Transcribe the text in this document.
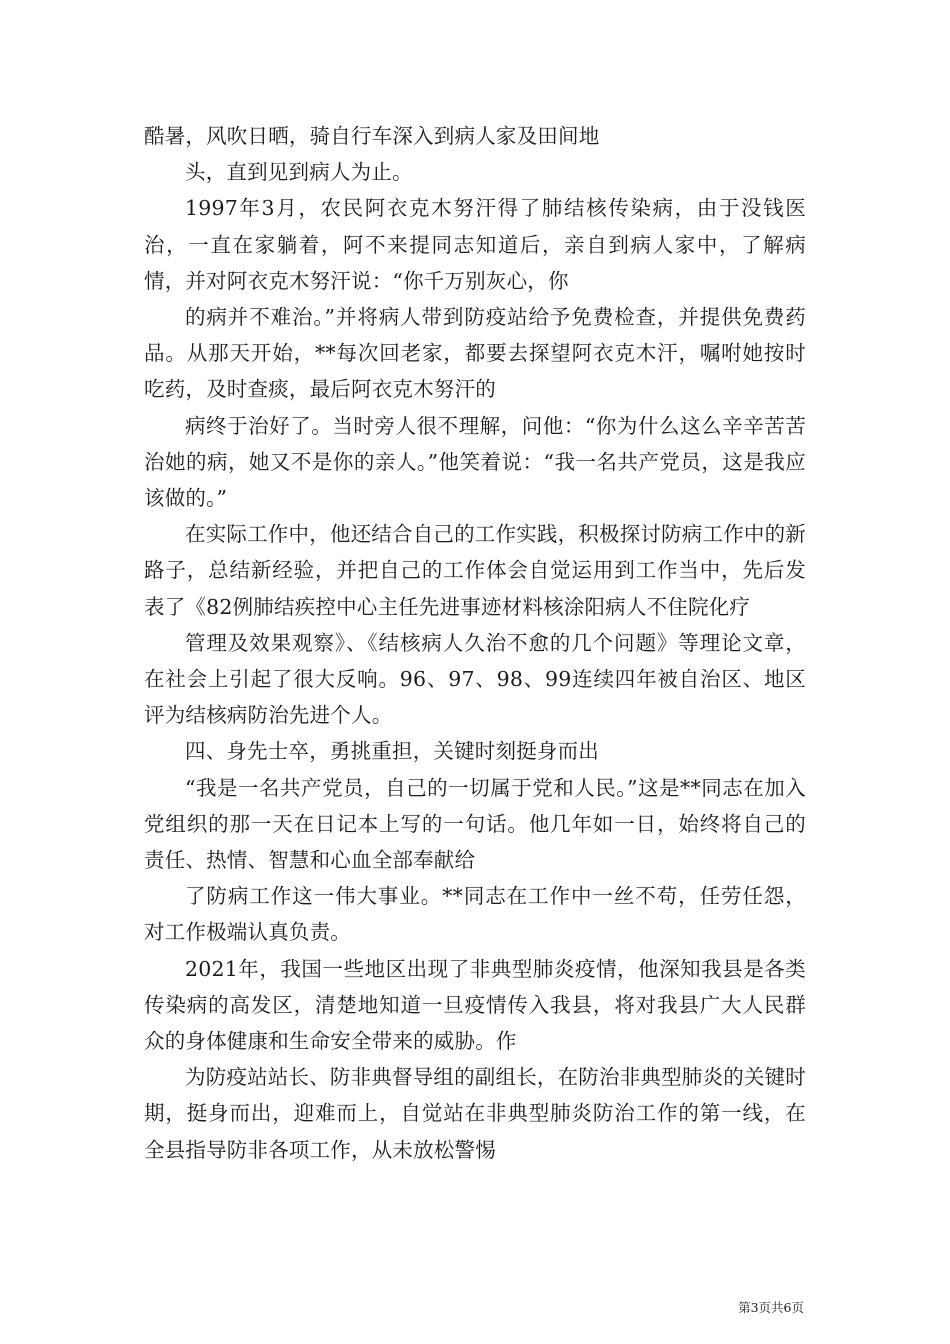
酷暑，风吹日晒，骑自行车深入到病人家及田间地

头，直到见到病人为止。

1997年3月，农民阿衣克木努汗得了肺结核传染病，由于没钱医治，一直在家躺着，阿不来提同志知道后，亲自到病人家中，了解病情，并对阿衣克木努汗说：“你千万别灰心，你

的病并不难治。”并将病人带到防疫站给予免费检查，并提供免费药品。从那天开始，**每次回老家，都要去探望阿衣克木汗，嘱咐她按时吃药，及时查痰，最后阿衣克木努汗的

病终于治好了。当时旁人很不理解，问他：“你为什么这么辛辛苦苦治她的病，她又不是你的亲人。”他笑着说：“我一名共产党员，这是我应该做的。”

在实际工作中，他还结合自己的工作实践，积极探讨防病工作中的新路子，总结新经验，并把自己的工作体会自觉运用到工作当中，先后发表了《82例肺结疾控中心主任先进事迹材料核涂阳病人不住院化疗

管理及效果观察》、《结核病人久治不愈的几个问题》等理论文章，在社会上引起了很大反响。96、97、98、99连续四年被自治区、地区评为结核病防治先进个人。

四、身先士卒，勇挑重担，关键时刻挺身而出

“我是一名共产党员，自己的一切属于党和人民。”这是**同志在加入党组织的那一天在日记本上写的一句话。他几年如一日，始终将自己的责任、热情、智慧和心血全部奉献给

了防病工作这一伟大事业。**同志在工作中一丝不苟，任劳任怨，对工作极端认真负责。

2021年，我国一些地区出现了非典型肺炎疫情，他深知我县是各类传染病的高发区，清楚地知道一旦疫情传入我县，将对我县广大人民群众的身体健康和生命安全带来的威胁。作

为防疫站站长、防非典督导组的副组长，在防治非典型肺炎的关键时期，挺身而出，迎难而上，自觉站在非典型肺炎防治工作的第一线，在全县指导防非各项工作，从未放松警惕

第3页共6页
